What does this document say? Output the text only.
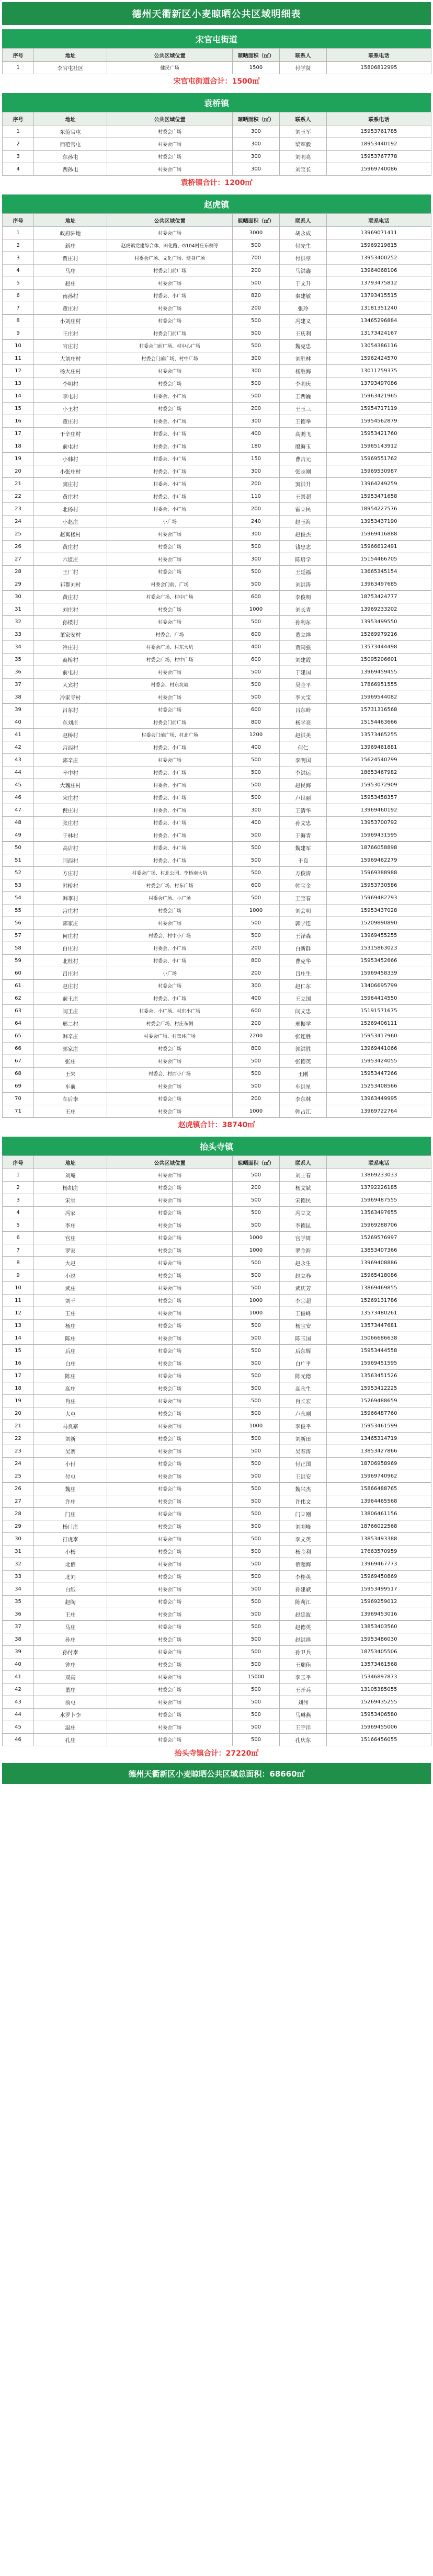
德州天衢新区小麦晾晒公共区域明细表
宋官屯街道
序号	地址	公共区域位置	晾晒面积（㎡）	联系人	联系电话
1	李官屯社区	健民广场	1500	付学贤	15806812995
宋官屯街道合计：1500㎡
袁桥镇
序号	地址	公共区域位置	晾晒面积（㎡）	联系人	联系电话
1	东范官屯	村委会广场	300	刘玉军	15953761785
2	西范官屯	村委会广场	300	梁军毅	18953440192
3	东孙屯	村委会广场	300	刘明亮	15953767778
4	西孙屯	村委会广场	300	刘宝长	15969740086
袁桥镇合计：1200㎡
赵虎镇
序号	地址	公共区域位置	晾晒面积（㎡）	联系人	联系电话
1	政府驻地	村委会广场	3000	胡永成	13969071411
2	新庄	赵虎镇党建综合体，田化路、G104村庄东侧等	500	付先生	15969219815
3	贾庄村	村委会广场、文化广场、健身广场	700	付洪章	13953400252
4	马庄	村委会门前广场	200	马洪鑫	13964068106
5	赵庄	村委会广场	500	于文升	13793475812
6	南孙村	村委会、小广场	820	秦建敏	13793415515
7	董庄村	村委会广场	200	张玲	13181351240
8	小刘庄村	村委会广场	500	冯建义	13465296884
9	王庄村	村委会门前广场	500	王庆利	13173424167
10	官庄村	村委会门前广场、村中心广场	500	魏克忠	13054386116
11	大刘庄村	村委会门前广场、村中广场	300	刘胜林	15962424570
12	杨大庄村	村委会广场	300	杨胜海	13011759375
13	李明村	村委会广场	500	李明庆	13793497086
14	李屯村	村委会、小广场	500	王西巍	15963421965
15	小王村	村委会广场	200	王玉三	15954717119
16	董庄村	村委会、小广场	300	王德举	15954562879
17	于辛庄村	村委会、小广场	400	高鹏飞	15953421760
18	前屯村	村委会、小广场	180	殷海玉	15965143912
19	小韩村	村委会、小广场	150	曹吉元	15969551762
20	小张庄村	村委会、小广场	300	张志刚	15969530987
21	窦庄村	村委会、小广场	200	窦洪升	13964249259
22	黄庄村	村委会、小广场	110	王景超	15953471658
23	北杨村	村委会、小广场	200	霍立民	18954227576
24	小赵庄	小广场	240	赵玉海	13953437190
25	赵寓楼村	村委会广场	300	赵俊杰	15969416888
26	黄庄村	村委会广场	500	钱忠志	15966612491
27	六道庄	村委会广场	300	陈启学	15154466705
28	王厂村	村委会广场	500	王延福	13665345154
29	祁都刘村	村委会门前、广场	500	刘洪涛	13963497685
30	黄庄村	村委会广场、村中广场	600	李俊明	18753424777
31	刘庄村	村委会广场	1000	刘长青	13969233202
32	孙楼村	村委会广场	500	孙利东	13953499550
33	董家安村	村委会、广场	600	董立祥	15269979216
34	冷庄村	村委会广场、村东大坑	400	贾同强	13573444498
35	商桥村	村委会广场、村中广场	600	刘建霞	15095206601
36	前屯村	村委会广场	500	于建国	13969459455
37	大宾村	村委会、村东坑塘	500	吴金平	17866951555
38	冷家寺村	村委会广场	500	李大宝	15969544082
39	吕东村	村委会广场	600	吕东岭	15731316568
40	东刘庄	村委会门前广场	800	杨学亮	15154463666
41	赵桥村	村委会门前广场、村北广场	1200	赵洪美	13573465255
42	宫西村	村委会、小广场	400	何仁	13969461881
43	郭辛庄	村委会广场	500	李明国	15624540799
44	辛中村	村委会、小广场	500	李洪运	18653467982
45	大魏庄村	村委会、小广场	500	赵民海	15953072909
46	宋庄村	村委会、小广场	500	卢世丽	15953458357
47	倪庄村	村委会、小广场	300	王清华	13969460192
48	张庄村	村委会、小广场	400	孙文忠	13953700792
49	于林村	村委会、小广场	500	于海青	15969431595
50	高店村	村委会、小广场	500	魏建军	18766058898
51	闫西村	村委会、小广场	500	于良	15969462279
52	方庄村	村委会广场、村北公园、李桥南大坑	500	方俊清	15969388988
53	韩桥村	村委会广场、村东广场	600	韩宝金	15953730586
54	韩李村	村委会广场、小广场	500	王宝春	15969482793
55	宫庄村	村委会广场	1000	刘会明	15953437028
56	郭家庄	村委会广场	500	郭学连	15209890890
57	何庄村	村委会、村中小广场	500	王泽森	13969455255
58	白庄村	村委会、小广场	200	白新群	15315863023
59	北杜村	村委会、小广场	800	曹克华	15953452666
60	吕庄村	小广场	200	吕庄生	15969458339
61	赵庄村	村委会广场	300	赵仁东	13406695799
62	前王庄	村委会、小广场	400	王立国	15964414550
63	闫王庄	村委会、小广场、村东小广场	600	闫文忠	15191571675
64	邢二村	村委会广场、村庄东侧	200	邢振学	15269406111
65	韩辛庄	村委会广场、村集体广场	2200	张连胜	15953417960
66	郭家庄	村委会广场	800	郭洪胜	13969441066
67	张庄	村委会广场	500	张德英	15953424055
68	王朱	村委会、村西小广场	500	王刚	15953447266
69	车前	村委会广场	500	车洪星	15253408566
70	车后李	村委会广场	200	李东林	13963449995
71	王庄	村委会广场	1000	韩占江	13969722764
赵虎镇合计：38740㎡
抬头寺镇
序号	地址	公共区域位置	晾晒面积（㎡）	联系人	联系电话
1	刘庵	村委会广场	500	刘士春	13869233033
2	杨胡庄	村委会广场	200	杨文斌	13792226185
3	宋堂	村委会广场	500	宋德民	15969487555
4	冯家	村委会广场	500	冯立文	13563497655
5	李庄	村委会广场	500	李德昆	15969288706
6	宫庄	村委会广场	1000	宫学周	15269576997
7	罗家	村委会广场	1000	罗金海	13853407366
8	大赵	村委会广场	500	赵永生	13969408886
9	小赵	村委会广场	500	赵立春	15965418086
10	武庄	村委会广场	500	武庆芳	13869469855
11	刘千	村委会广场	1000	李宗超	15269131786
12	王庄	村委会广场	1000	王俊峰	13573480261
13	杨庄	村委会广场	500	杨宝安	13573447681
14	陈庄	村委会广场	500	陈玉国	15066686638
15	后庄	村委会广场	500	后东辉	15953444558
16	白庄	村委会广场	500	白广平	15969451595
17	陈庄	村委会广场	500	陈元德	13563451526
18	高庄	村委会广场	500	高永生	15953412225
19	肖庄	村委会广场	500	肖长宏	15269488659
20	大屯	村委会广场	500	卢永刚	15966487760
21	马良寨	村委会广场	1000	李俊平	15953461599
22	刘新	村委会广场	500	刘新田	13465314719
23	吴寨	村委会广场	500	吴春涛	13853427866
24	小付	村委会广场	500	付正国	18706958969
25	付屯	村委会广场	500	王洪安	15969740962
26	魏庄	村委会广场	500	魏兴杰	15866488765
27	许庄	村委会广场	500	许伟文	13964465568
28	门庄	村委会广场	500	门立刚	13806461156
29	杨口庄	村委会广场	500	刘刚峰	18766022568
30	打虎李	村委会广场	500	李文英	13853493388
31	小杨	村委会广场	500	杨金利	17663570959
32	北佰	村委会广场	500	佰超海	13969467773
33	北刘	村委会广场	500	李桂英	15969450869
34	白纸	村委会广场	500	孙建斌	15953499517
35	赵陶	村委会广场	500	陈莉江	15969259012
36	王庄	村委会广场	500	赵延波	13969453016
37	马庄	村委会广场	500	赵德英	13853403560
38	孙庄	村委会广场	500	赵洪祥	15953486030
39	孙付李	村委会广场	500	孙卫兵	18753405506
40	钟庄	村委会广场	500	王瑞佳	13573461568
41	双高	村委会广场	15000	李玉平	15346897873
42	董庄	村委会广场	500	王开兵	13105385055
43	前屯	村委会广场	500	刘伟	15269435255
44	水罗卜李	村委会广场	500	马琳燕	15953406580
45	温庄	村委会广场	500	王宇洋	15969455006
46	孔庄	村委会广场	500	孔庆东	15166456055
抬头寺镇合计：27220㎡
德州天衢新区小麦晾晒公共区域总面积：68660㎡
